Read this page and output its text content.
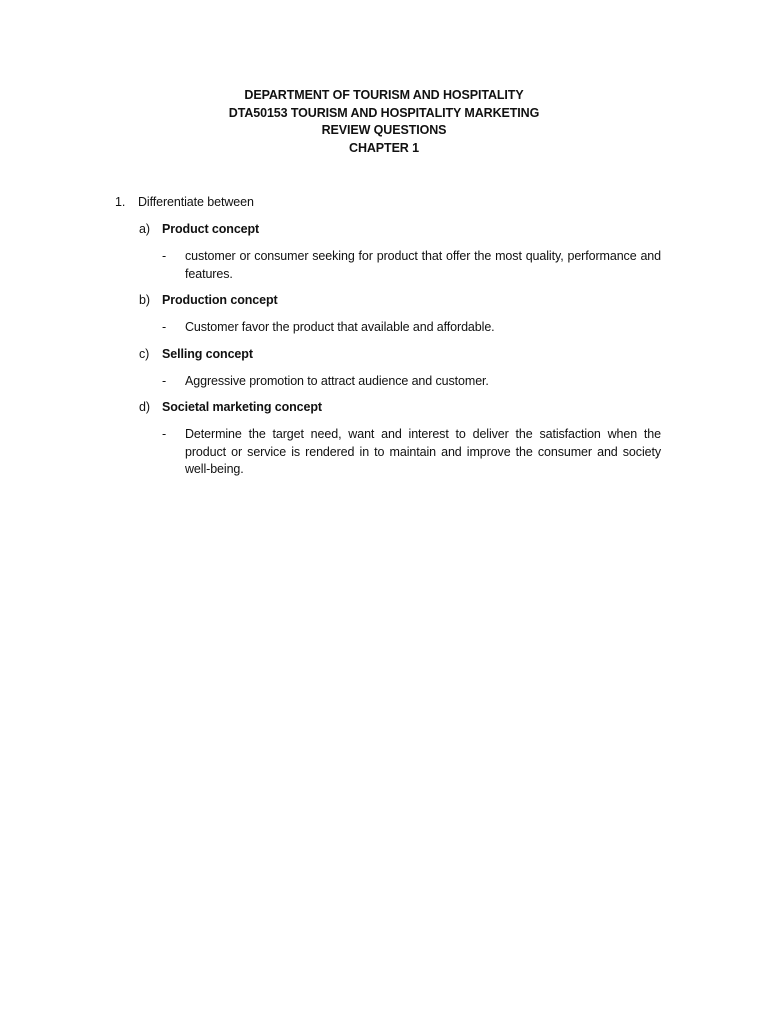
DEPARTMENT OF TOURISM AND HOSPITALITY
DTA50153 TOURISM AND HOSPITALITY MARKETING
REVIEW QUESTIONS
CHAPTER 1
1. Differentiate between
a) Product concept
- customer or consumer seeking for product that offer the most quality, performance and features.
b) Production concept
- Customer favor the product that available and affordable.
c) Selling concept
- Aggressive promotion to attract audience and customer.
d) Societal marketing concept
- Determine the target need, want and interest to deliver the satisfaction when the product or service is rendered in to maintain and improve the consumer and society well-being.
